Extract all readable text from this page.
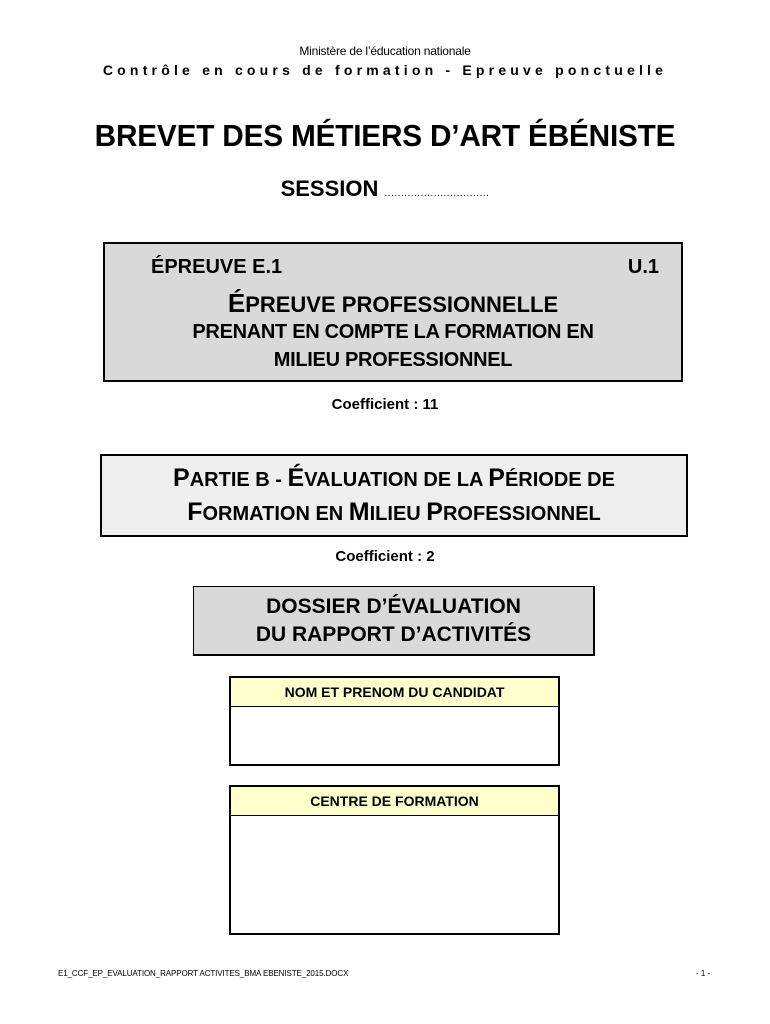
Ministère de l’éducation nationale
Contrôle en cours de formation - Epreuve ponctuelle
BREVET DES MÉTIERS D’ART ÉBÉNISTE
SESSION ................................
ÉPREUVE E.1	U.1
ÉPREUVE PROFESSIONNELLE
PRENANT EN COMPTE LA FORMATION EN
MILIEU PROFESSIONNEL
Coefficient : 11
PARTIE B - ÉVALUATION DE LA PÉRIODE DE
FORMATION EN MILIEU PROFESSIONNEL
Coefficient : 2
DOSSIER D’ÉVALUATION
DU RAPPORT D’ACTIVITÉS
NOM ET PRENOM DU CANDIDAT
CENTRE DE FORMATION
E1_CCF_EP_EVALUATION_RAPPORT ACTIVITES_BMA EBENISTE_2015.DOCX	- 1 -
